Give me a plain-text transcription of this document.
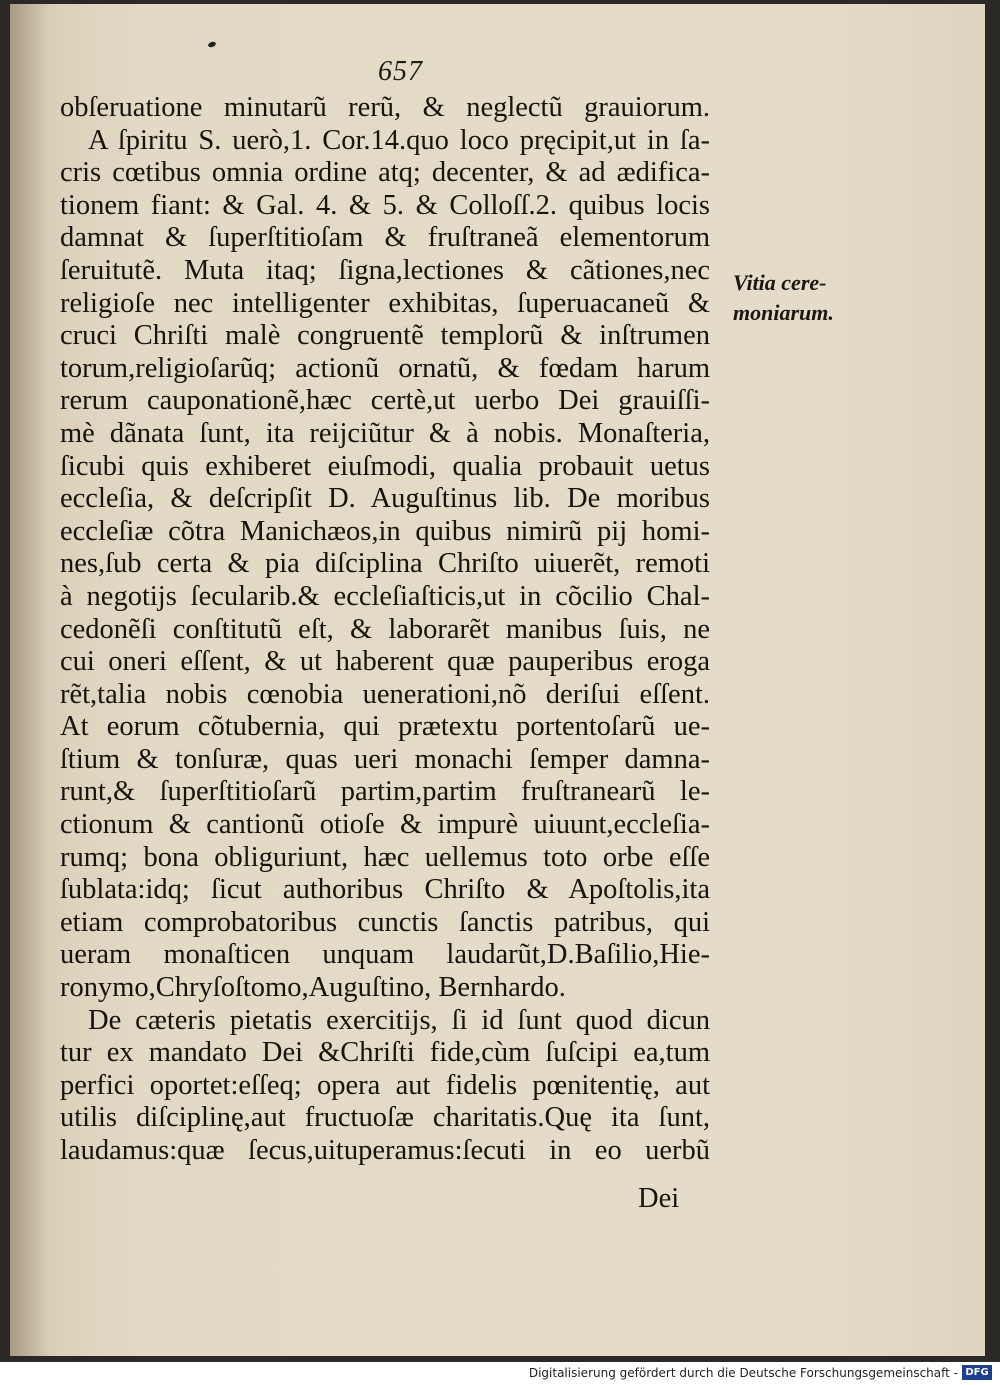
657
obſeruatione minutarũ rerũ, & neglectũ grauiorum.
A ſpiritu S. uerò,1. Cor.14.quo loco pręcipit,ut in ſa-
cris cœtibus omnia ordine atq; decenter, & ad ædifica-
tionem fiant: & Gal. 4. & 5. & Colloſſ.2. quibus locis
damnat & ſuperſtitioſam & fruſtraneã elementorum
ſeruitutẽ. Muta itaq; ſigna,lectiones & cãtiones,nec
religioſe nec intelligenter exhibitas, ſuperuacaneũ &
cruci Chriſti malè congruentẽ templorũ & inſtrumen
torum,religioſarũq; actionũ ornatũ, & fœdam harum
rerum cauponationẽ,hæc certè,ut uerbo Dei grauiſſi-
mè dãnata ſunt, ita reijciũtur & à nobis. Monaſteria,
ſicubi quis exhiberet eiuſmodi, qualia probauit uetus
eccleſia, & deſcripſit D. Auguſtinus lib. De moribus
eccleſiæ cõtra Manichæos,in quibus nimirũ pij homi-
nes,ſub certa & pia diſciplina Chriſto uiuerẽt, remoti
à negotijs ſecularib.& eccleſiaſticis,ut in cõcilio Chal-
cedonẽſi conſtitutũ eſt, & laborarẽt manibus ſuis, ne
cui oneri eſſent, & ut haberent quæ pauperibus eroga
rẽt,talia nobis cœnobia uenerationi,nõ deriſui eſſent.
At eorum cõtubernia, qui prætextu portentoſarũ ue-
ſtium & tonſuræ, quas ueri monachi ſemper damna-
runt,& ſuperſtitioſarũ partim,partim fruſtranearũ le-
ctionum & cantionũ otioſe & impurè uiuunt,eccleſia-
rumq; bona obliguriunt, hæc uellemus toto orbe eſſe
ſublata:idq; ſicut authoribus Chriſto & Apoſtolis,ita
etiam comprobatoribus cunctis ſanctis patribus, qui
ueram monaſticen unquam laudarũt,D.Baſilio,Hie-
ronymo,Chryſoſtomo,Auguſtino, Bernhardo.
De cæteris pietatis exercitijs, ſi id ſunt quod dicun
tur ex mandato Dei &Chriſti fide,cùm ſuſcipi ea,tum
perfici oportet:eſſeq; opera aut fidelis pœnitentię, aut
utilis diſciplinę,aut fructuoſæ charitatis.Quę ita ſunt,
laudamus:quæ ſecus,uituperamus:ſecuti in eo uerbũ
Dei
Vitia cere-
moniarum.
Digitalisierung gefördert durch die Deutsche Forschungsgemeinschaft - DFG
